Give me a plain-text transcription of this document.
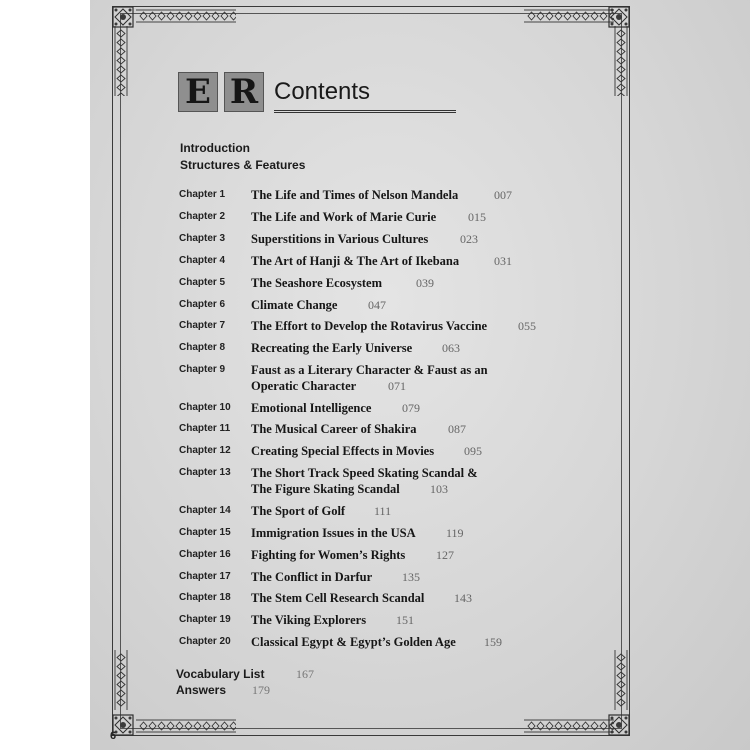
E R Contents
Introduction
Structures & Features
Chapter 1 The Life and Times of Nelson Mandela	007
Chapter 2 The Life and Work of Marie Curie	015
Chapter 3 Superstitions in Various Cultures	023
Chapter 4 The Art of Hanji & The Art of Ikebana	031
Chapter 5 The Seashore Ecosystem	039
Chapter 6 Climate Change	047
Chapter 7 The Effort to Develop the Rotavirus Vaccine	055
Chapter 8 Recreating the Early Universe 063
Chapter 9 Faust as a Literary Character & Faust as an
Operatic Character	071
Chapter 10 Emotional Intelligence	079
Chapter 11 The Musical Career of Shakira	087
Chapter 12 Creating Special Effects in Movies 095
Chapter 13 The Short Track Speed Skating Scandal &
The Figure Skating Scandal	103
Chapter 14 The Sport of Golf 111
Chapter 15 Immigration Issues in the USA	119
Chapter 16 Fighting for Women’s Rights	127
Chapter 17 The Conflict in Darfur 135
Chapter 18 The Stem Cell Research Scandal 143
Chapter 19 The Viking Explorers 151
Chapter 20 Classical Egypt & Egypt’s Golden Age 159
Vocabulary List	167
Answers 179
6
